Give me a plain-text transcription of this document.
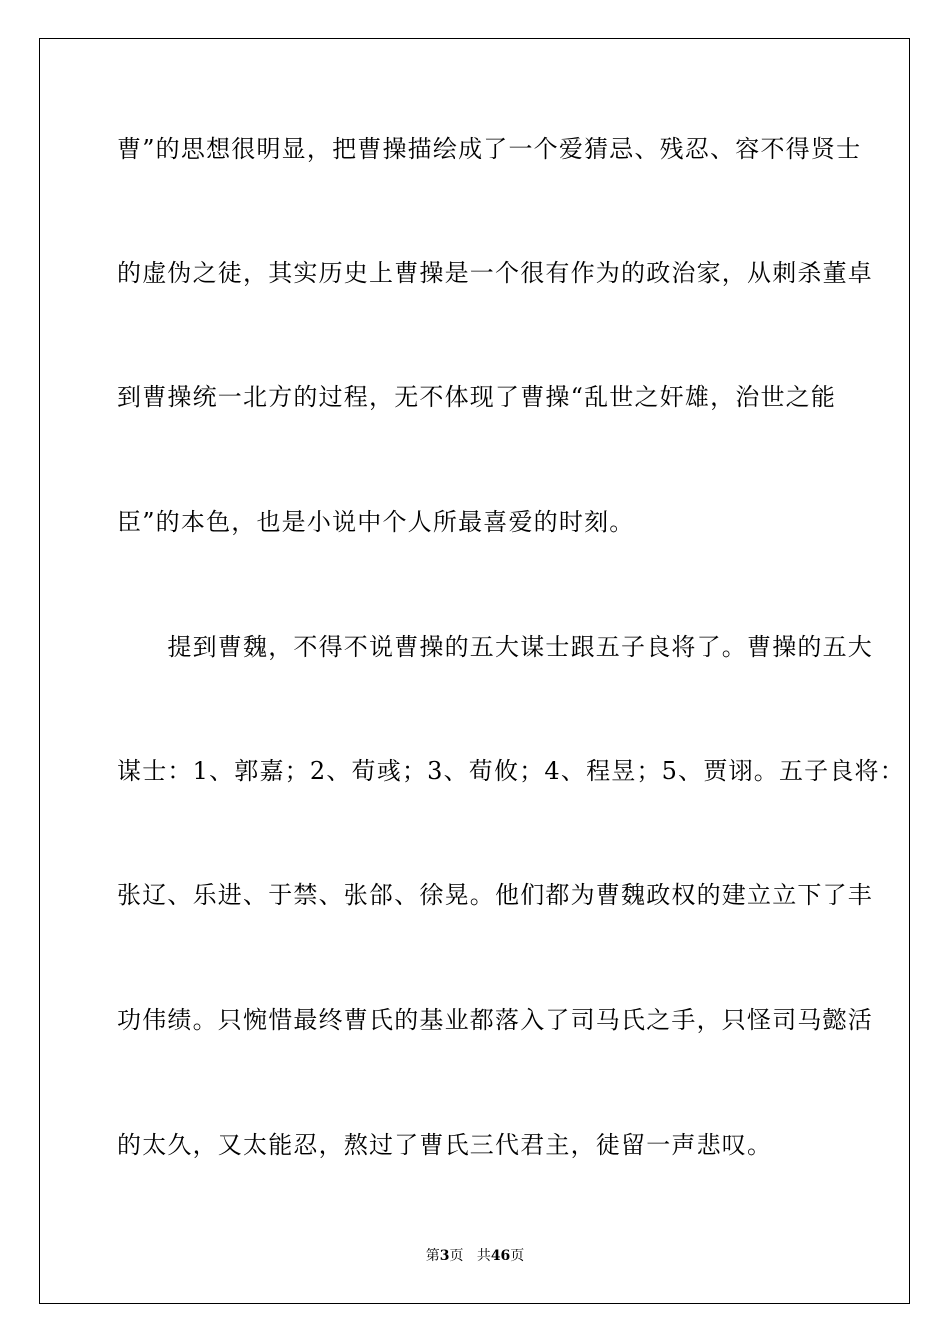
曹”的思想很明显，把曹操描绘成了一个爱猜忌、残忍、容不得贤士
的虚伪之徒，其实历史上曹操是一个很有作为的政治家，从刺杀董卓
到曹操统一北方的过程，无不体现了曹操“乱世之奸雄，治世之能
臣”的本色，也是小说中个人所最喜爱的时刻。
　　提到曹魏，不得不说曹操的五大谋士跟五子良将了。曹操的五大
谋士：1、郭嘉；2、荀彧；3、荀攸；4、程昱；5、贾诩。五子良将：
张辽、乐进、于禁、张郃、徐晃。他们都为曹魏政权的建立立下了丰
功伟绩。只惋惜最终曹氏的基业都落入了司马氏之手，只怪司马懿活
的太久，又太能忍，熬过了曹氏三代君主，徒留一声悲叹。
第3页 共46页
